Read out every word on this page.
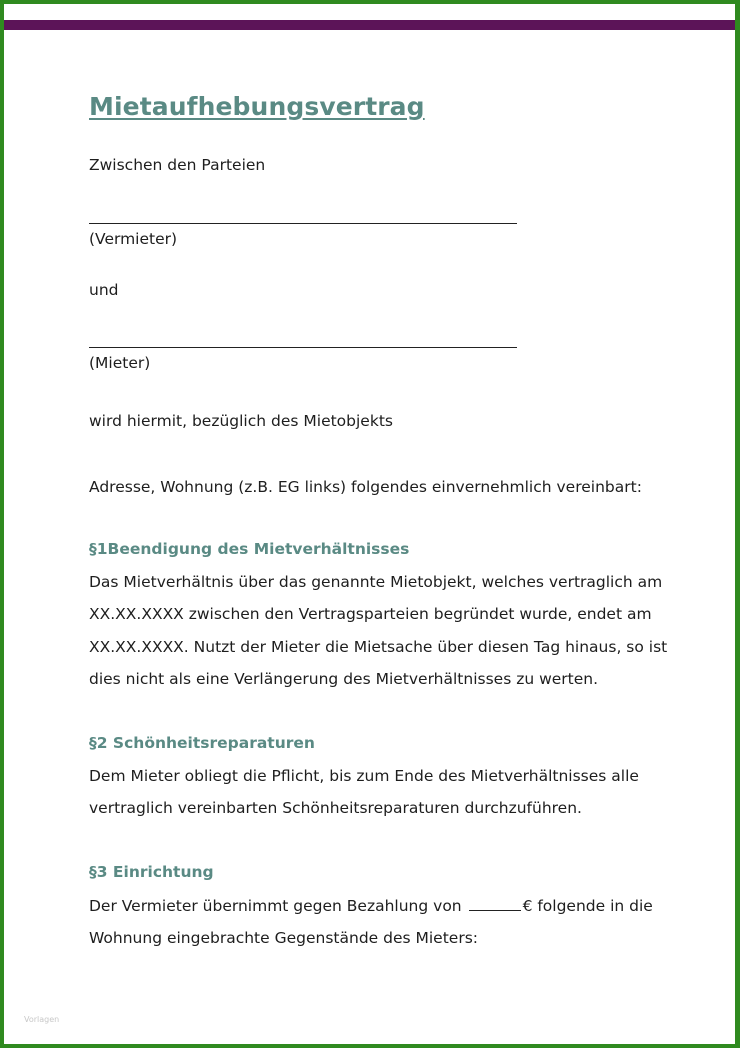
Mietaufhebungsvertrag

Zwischen den Parteien

(Vermieter)

und

(Mieter)

wird hiermit, bezüglich des Mietobjekts

Adresse, Wohnung (z.B. EG links) folgendes einvernehmlich vereinbart:

§1Beendigung des Mietverhältnisses

Das Mietverhältnis über das genannte Mietobjekt, welches vertraglich am

XX.XX.XXXX zwischen den Vertragsparteien begründet wurde, endet am

XX.XX.XXXX. Nutzt der Mieter die Mietsache über diesen Tag hinaus, so ist

dies nicht als eine Verlängerung des Mietverhältnisses zu werten.

§2 Schönheitsreparaturen

Dem Mieter obliegt die Pflicht, bis zum Ende des Mietverhältnisses alle

vertraglich vereinbarten Schönheitsreparaturen durchzuführen.

§3 Einrichtung

Der Vermieter übernimmt gegen Bezahlung von	€ folgende in die

Wohnung eingebrachte Gegenstände des Mieters:

Vorlagen
